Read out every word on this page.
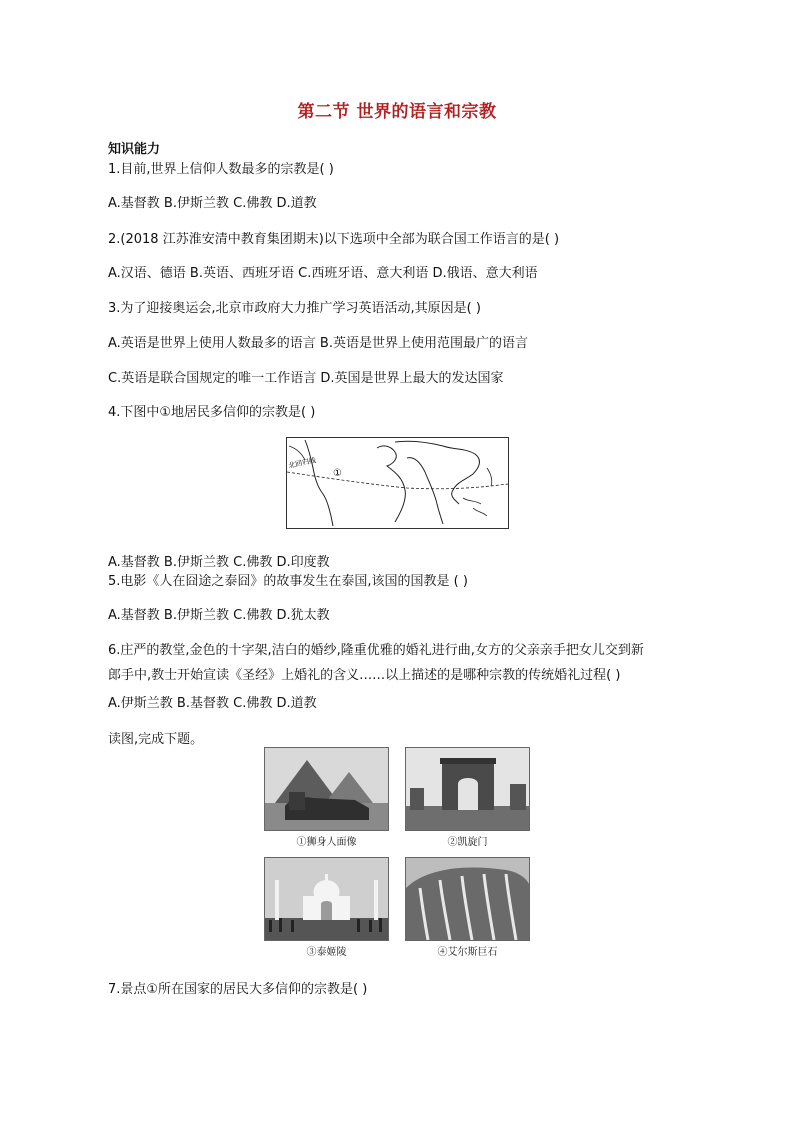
第二节 世界的语言和宗教
知识能力
1.目前,世界上信仰人数最多的宗教是( )
A.基督教 B.伊斯兰教 C.佛教 D.道教
2.(2018 江苏淮安清中教育集团期末)以下选项中全部为联合国工作语言的是( )
A.汉语、德语 B.英语、西班牙语 C.西班牙语、意大利语 D.俄语、意大利语
3.为了迎接奥运会,北京市政府大力推广学习英语活动,其原因是( )
A.英语是世界上使用人数最多的语言 B.英语是世界上使用范围最广的语言
C.英语是联合国规定的唯一工作语言 D.英国是世界上最大的发达国家
4.下图中①地居民多信仰的宗教是( )
北回归线
①
A.基督教 B.伊斯兰教 C.佛教 D.印度教
5.电影《人在囧途之泰囧》的故事发生在泰国,该国的国教是 ( )
A.基督教 B.伊斯兰教 C.佛教 D.犹太教
6.庄严的教堂,金色的十字架,洁白的婚纱,隆重优雅的婚礼进行曲,女方的父亲亲手把女儿交到新
郎手中,教士开始宣读《圣经》上婚礼的含义……以上描述的是哪种宗教的传统婚礼过程( )
A.伊斯兰教 B.基督教 C.佛教 D.道教
读图,完成下题。
①狮身人面像	②凯旋门
③泰姬陵	④艾尔斯巨石
7.景点①所在国家的居民大多信仰的宗教是( )
